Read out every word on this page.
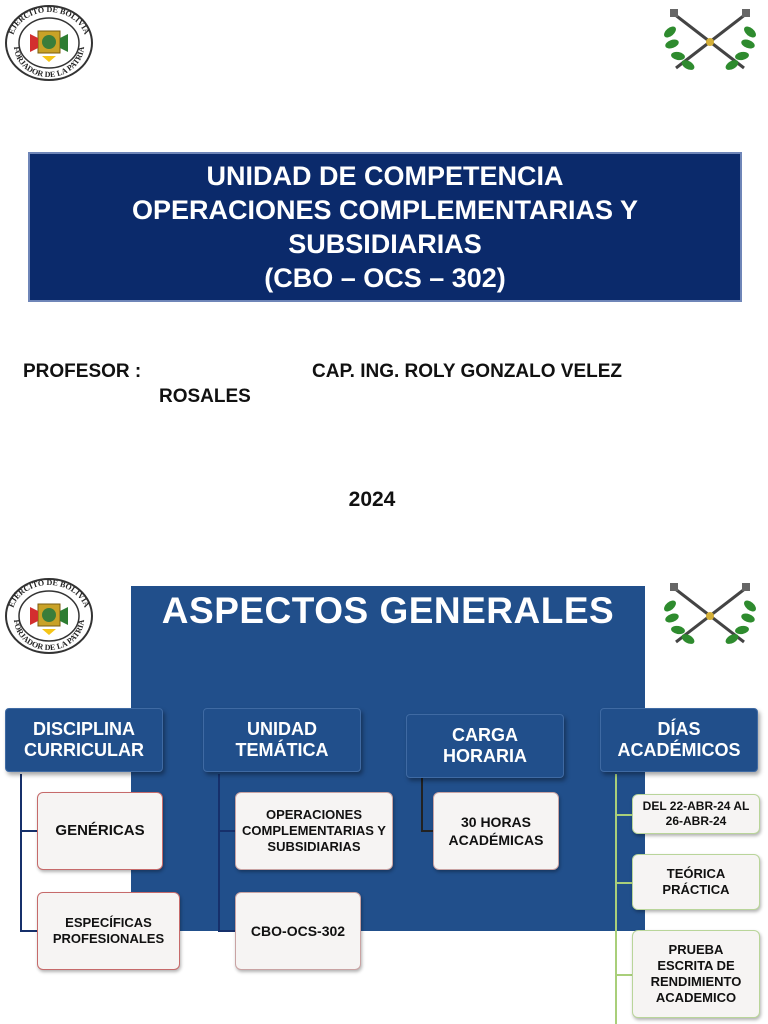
EJÉRCITO DE BOLIVIA
FORJADOR DE LA PATRIA
UNIDAD DE COMPETENCIA
OPERACIONES COMPLEMENTARIAS Y
SUBSIDIARIAS
(CBO – OCS – 302)
PROFESOR :	CAP. ING. ROLY GONZALO VELEZ
ROSALES
2024
EJÉRCITO DE BOLIVIA
FORJADOR DE LA PATRIA	ASPECTOS GENERALES
DISCIPLINA
CURRICULAR
UNIDAD
TEMÁTICA
CARGA
HORARIA
DÍAS
ACADÉMICOS
GENÉRICAS
ESPECÍFICAS PROFESIONALES
OPERACIONES COMPLEMENTARIAS Y SUBSIDIARIAS
CBO-OCS-302
30 HORAS ACADÉMICAS
DEL 22-ABR-24 AL 26-ABR-24
TEÓRICA PRÁCTICA
PRUEBA ESCRITA DE RENDIMIENTO ACADEMICO
